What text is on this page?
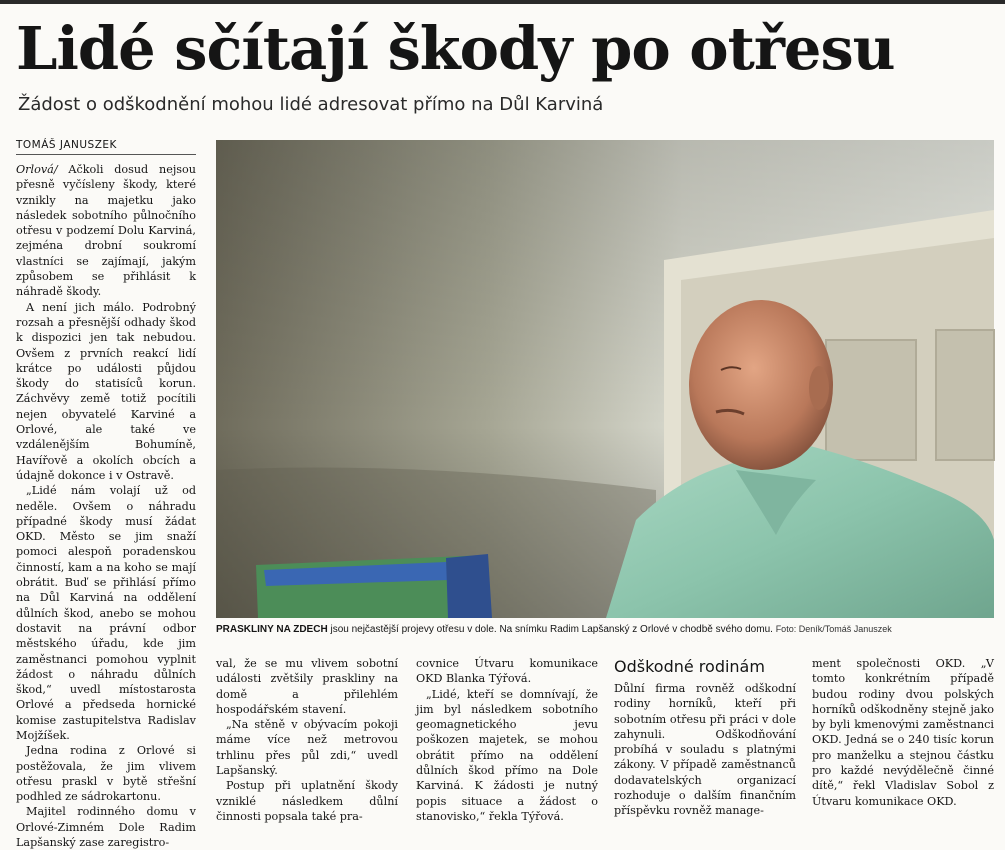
Lidé sčítají škody po otřesu
Žádost o odškodnění mohou lidé adresovat přímo na Důl Karviná
TOMÁŠ JANUSZEK

Orlová/ Ačkoli dosud nejsou přesně vyčísleny škody, které vznikly na majetku jako následek sobotního půlnočního otřesu v podzemí Dolu Karviná, zejména drobní soukromí vlastníci se zajímají, jakým způsobem se přihlásit k náhradě škody.

A není jich málo. Podrobný rozsah a přesnější odhady škod k dispozici jen tak nebudou. Ovšem z prvních reakcí lidí krátce po události půjdou škody do statisíců korun. Záchvěvy země totiž pocítili nejen obyvatelé Karviné a Orlové, ale také ve vzdálenějším Bohumíně, Havířově a okolích obcích a údajně dokonce i v Ostravě.

„Lidé nám volají už od neděle. Ovšem o náhradu případné škody musí žádat OKD. Město se jim snaží pomoci alespoň poradenskou činností, kam a na koho se mají obrátit. Buď se přihlásí přímo na Důl Karviná na oddělení důlních škod, anebo se mohou dostavit na právní odbor městského úřadu, kde jim zaměstnanci pomohou vyplnit žádost o náhradu důlních škod,“ uvedl místostarosta Orlové a předseda hornické komise zastupitelstva Radislav Mojžíšek.

Jedna rodina z Orlové si postěžovala, že jim vlivem otřesu praskl v bytě střešní podhled ze sádrokartonu.

Majitel rodinného domu v Orlové-Zimném Dole Radim Lapšanský zase zaregistro-

PRASKLINY NA ZDECH jsou nejčastější projevy otřesu v dole. Na snímku Radim Lapšanský z Orlové v chodbě svého domu. Foto: Deník/Tomáš Januszek

val, že se mu vlivem sobotní události zvětšily praskliny na domě a přilehlém hospodářském stavení.

„Na stěně v obývacím pokoji máme více než metrovou trhlinu přes půl zdi,“ uvedl Lapšanský.

Postup při uplatnění škody vzniklé následkem důlní činnosti popsala také pra-

covnice Útvaru komunikace OKD Blanka Týřová.

„Lidé, kteří se domnívají, že jim byl následkem sobotního geomagnetického jevu poškozen majetek, se mohou obrátit přímo na oddělení důlních škod přímo na Dole Karviná. K žádosti je nutný popis situace a žádost o stanovisko,“ řekla Týřová.

Odškodné rodinám

Důlní firma rovněž odškodní rodiny horníků, kteří při sobotním otřesu při práci v dole zahynuli. Odškodňování probíhá v souladu s platnými zákony. V případě zaměstnanců dodavatelských organizací rozhoduje o dalším finančním příspěvku rovněž manage-

ment společnosti OKD. „V tomto konkrétním případě budou rodiny dvou polských horníků odškodněny stejně jako by byli kmenovými zaměstnanci OKD. Jedná se o 240 tisíc korun pro manželku a stejnou částku pro každé nevýdělečně činné dítě,“ řekl Vladislav Sobol z Útvaru komunikace OKD.
